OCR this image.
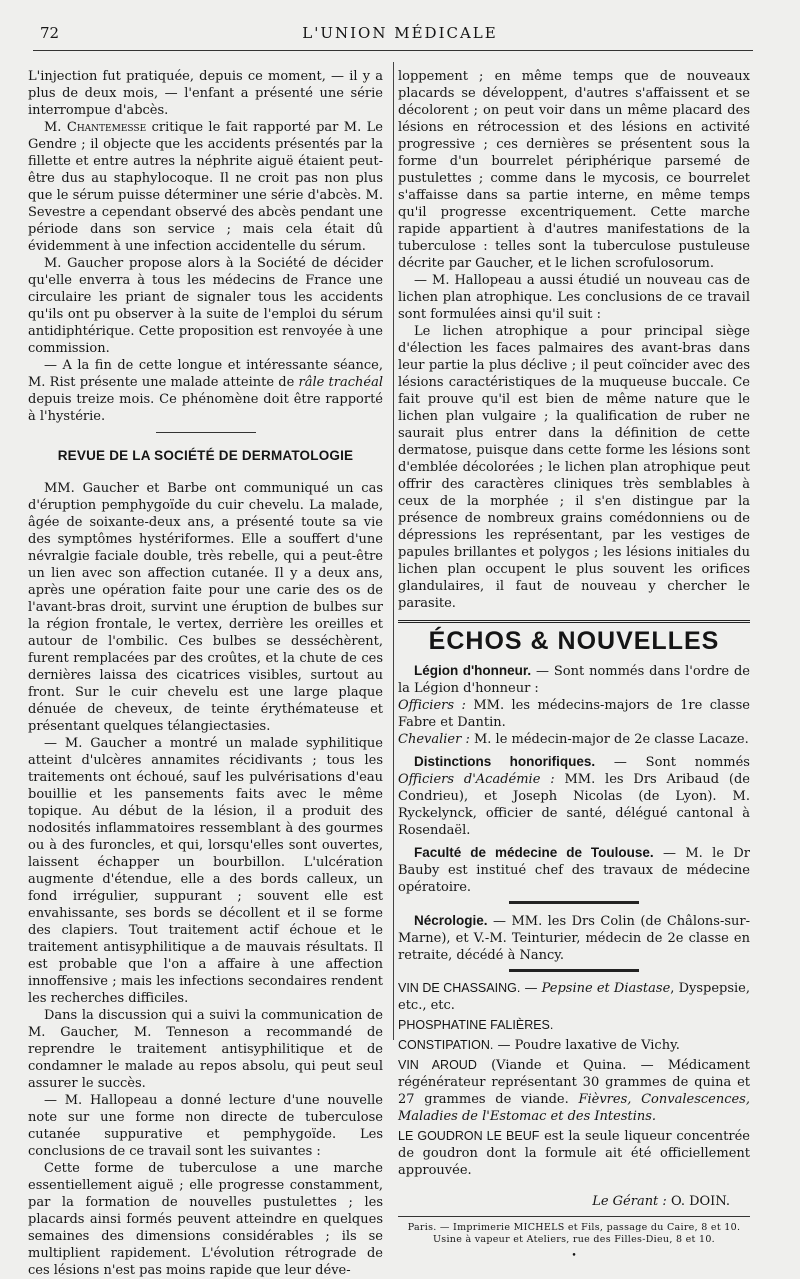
72	L'UNION MÉDICALE

L'injection fut pratiquée, depuis ce moment, — il y a plus de deux mois, — l'enfant a présenté une série interrompue d'abcès.

M. Chantemesse critique le fait rapporté par M. Le Gendre ; il objecte que les accidents présentés par la fillette et entre autres la néphrite aiguë étaient peut-être dus au staphylocoque. Il ne croit pas non plus que le sérum puisse déterminer une série d'abcès. M. Sevestre a cependant observé des abcès pendant une période dans son service ; mais cela était dû évidemment à une infection accidentelle du sérum.

M. Gaucher propose alors à la Société de décider qu'elle enverra à tous les médecins de France une circulaire les priant de signaler tous les accidents qu'ils ont pu observer à la suite de l'emploi du sérum antidiphtérique. Cette proposition est renvoyée à une commission.

— A la fin de cette longue et intéressante séance, M. Rist présente une malade atteinte de râle trachéal depuis treize mois. Ce phénomène doit être rapporté à l'hystérie.

REVUE DE LA SOCIÉTÉ DE DERMATOLOGIE

MM. Gaucher et Barbe ont communiqué un cas d'éruption pemphygoïde du cuir chevelu. La malade, âgée de soixante-deux ans, a présenté toute sa vie des symptômes hystériformes. Elle a souffert d'une névralgie faciale double, très rebelle, qui a peut-être un lien avec son affection cutanée. Il y a deux ans, après une opération faite pour une carie des os de l'avant-bras droit, survint une éruption de bulbes sur la région frontale, le vertex, derrière les oreilles et autour de l'ombilic. Ces bulbes se desséchèrent, furent remplacées par des croûtes, et la chute de ces dernières laissa des cicatrices visibles, surtout au front. Sur le cuir chevelu est une large plaque dénuée de cheveux, de teinte érythémateuse et présentant quelques télangiectasies.

— M. Gaucher a montré un malade syphilitique atteint d'ulcères annamites récidivants ; tous les traitements ont échoué, sauf les pulvérisations d'eau bouillie et les pansements faits avec le même topique. Au début de la lésion, il a produit des nodosités inflammatoires ressemblant à des gourmes ou à des furoncles, et qui, lorsqu'elles sont ouvertes, laissent échapper un bourbillon. L'ulcération augmente d'étendue, elle a des bords calleux, un fond irrégulier, suppurant ; souvent elle est envahissante, ses bords se décollent et il se forme des clapiers. Tout traitement actif échoue et le traitement antisyphilitique a de mauvais résultats. Il est probable que l'on a affaire à une affection innoffensive ; mais les infections secondaires rendent les recherches difficiles.

Dans la discussion qui a suivi la communication de M. Gaucher, M. Tenneson a recommandé de reprendre le traitement antisyphilitique et de condamner le malade au repos absolu, qui peut seul assurer le succès.

— M. Hallopeau a donné lecture d'une nouvelle note sur une forme non directe de tuberculose cutanée suppurative et pemphygoïde. Les conclusions de ce travail sont les suivantes :

Cette forme de tuberculose a une marche essentiellement aiguë ; elle progresse constamment, par la formation de nouvelles pustulettes ; les placards ainsi formés peuvent atteindre en quelques semaines des dimensions considérables ; ils se multiplient rapidement. L'évolution rétrograde de ces lésions n'est pas moins rapide que leur déve-

loppement ; en même temps que de nouveaux placards se développent, d'autres s'affaissent et se décolorent ; on peut voir dans un même placard des lésions en rétrocession et des lésions en activité progressive ; ces dernières se présentent sous la forme d'un bourrelet périphérique parsemé de pustulettes ; comme dans le mycosis, ce bourrelet s'affaisse dans sa partie interne, en même temps qu'il progresse excentriquement. Cette marche rapide appartient à d'autres manifestations de la tuberculose : telles sont la tuberculose pustuleuse décrite par Gaucher, et le lichen scrofulosorum.

— M. Hallopeau a aussi étudié un nouveau cas de lichen plan atrophique. Les conclusions de ce travail sont formulées ainsi qu'il suit :

Le lichen atrophique a pour principal siège d'élection les faces palmaires des avant-bras dans leur partie la plus déclive ; il peut coïncider avec des lésions caractéristiques de la muqueuse buccale. Ce fait prouve qu'il est bien de même nature que le lichen plan vulgaire ; la qualification de ruber ne saurait plus entrer dans la définition de cette dermatose, puisque dans cette forme les lésions sont d'emblée décolorées ; le lichen plan atrophique peut offrir des caractères cliniques très semblables à ceux de la morphée ; il s'en distingue par la présence de nombreux grains comédonniens ou de dépressions les représentant, par les vestiges de papules brillantes et polygos ; les lésions initiales du lichen plan occupent le plus souvent les orifices glandulaires, il faut de nouveau y chercher le parasite.

ÉCHOS & NOUVELLES

Légion d'honneur. — Sont nommés dans l'ordre de la Légion d'honneur :
Officiers : MM. les médecins-majors de 1re classe Fabre et Dantin.
Chevalier : M. le médecin-major de 2e classe Lacaze.

Distinctions honorifiques. — Sont nommés Officiers d'Académie : MM. les Drs Aribaud (de Condrieu), et Joseph Nicolas (de Lyon). M. Ryckelynck, officier de santé, délégué cantonal à Rosendaël.

Faculté de médecine de Toulouse. — M. le Dr Bauby est institué chef des travaux de médecine opératoire.

Nécrologie. — MM. les Drs Colin (de Châlons-sur-Marne), et V.-M. Teinturier, médecin de 2e classe en retraite, décédé à Nancy.

VIN DE CHASSAING. — Pepsine et Diastase, Dyspepsie, etc., etc.

PHOSPHATINE FALIÈRES.

CONSTIPATION. — Poudre laxative de Vichy.

VIN AROUD (Viande et Quina. — Médicament régénérateur représentant 30 grammes de quina et 27 grammes de viande. Fièvres, Convalescences, Maladies de l'Estomac et des Intestins.

LE GOUDRON LE BEUF est la seule liqueur concentrée de goudron dont la formule ait été officiellement approuvée.

Le Gérant : O. DOIN.
Paris. — Imprimerie MICHELS et Fils, passage du Caire, 8 et 10.
Usine à vapeur et Ateliers, rue des Filles-Dieu, 8 et 10.
•
